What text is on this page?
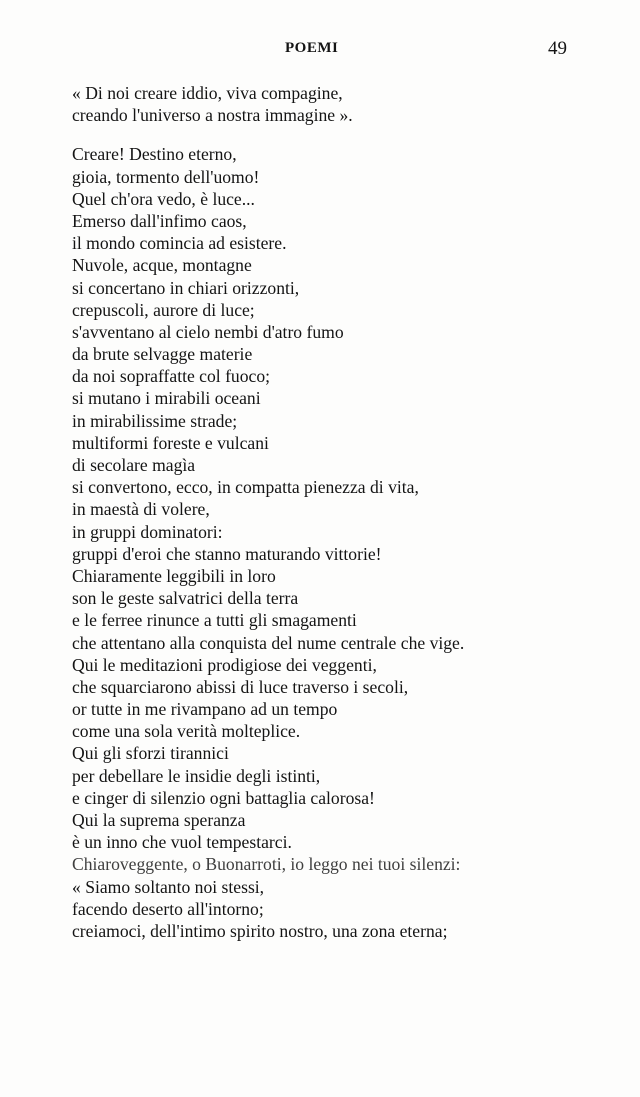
POEMI	49
« Di noi creare iddio, viva compagine,
creando l'universo a nostra immagine ».
Creare! Destino eterno,
gioia, tormento dell'uomo!
Quel ch'ora vedo, è luce...
Emerso dall'infimo caos,
il mondo comincia ad esistere.
Nuvole, acque, montagne
si concertano in chiari orizzonti,
crepuscoli, aurore di luce;
s'avventano al cielo nembi d'atro fumo
da brute selvagge materie
da noi sopraffatte col fuoco;
si mutano i mirabili oceani
in mirabilissime strade;
multiformi foreste e vulcani
di secolare magìa
si convertono, ecco, in compatta pienezza di vita,
in maestà di volere,
in gruppi dominatori:
gruppi d'eroi che stanno maturando vittorie!
Chiaramente leggibili in loro
son le geste salvatrici della terra
e le ferree rinunce a tutti gli smagamenti
che attentano alla conquista del nume centrale che vige.
Qui le meditazioni prodigiose dei veggenti,
che squarciarono abissi di luce traverso i secoli,
or tutte in me rivampano ad un tempo
come una sola verità molteplice.
Qui gli sforzi tirannici
per debellare le insidie degli istinti,
e cinger di silenzio ogni battaglia calorosa!
Qui la suprema speranza
è un inno che vuol tempestarci.
Chiaroveggente, o Buonarroti, io leggo nei tuoi silenzi:
« Siamo soltanto noi stessi,
facendo deserto all'intorno;
creiamoci, dell'intimo spirito nostro, una zona eterna;
